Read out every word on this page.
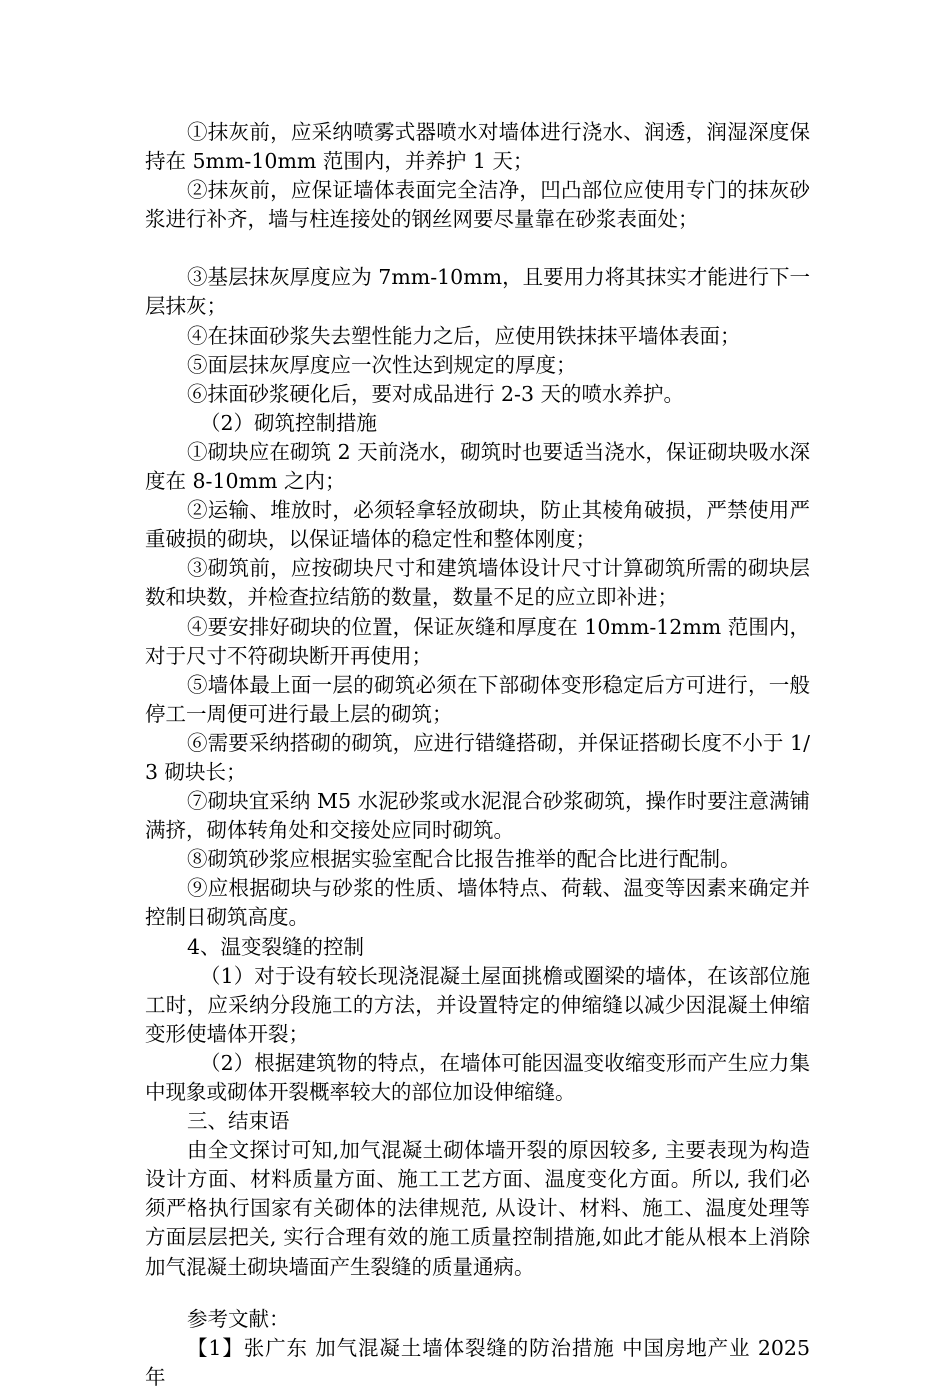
①抹灰前，应采纳喷雾式器喷水对墙体进行浇水、润透，润湿深度保持在 5mm-10mm 范围内，并养护 1 天；

②抹灰前，应保证墙体表面完全洁净，凹凸部位应使用专门的抹灰砂浆进行补齐，墙与柱连接处的钢丝网要尽量靠在砂浆表面处；

③基层抹灰厚度应为 7mm-10mm，且要用力将其抹实才能进行下一层抹灰；

④在抹面砂浆失去塑性能力之后，应使用铁抹抹平墙体表面；

⑤面层抹灰厚度应一次性达到规定的厚度；

⑥抹面砂浆硬化后，要对成品进行 2-3 天的喷水养护。

（2）砌筑控制措施

①砌块应在砌筑 2 天前浇水，砌筑时也要适当浇水，保证砌块吸水深度在 8-10mm 之内；

②运输、堆放时，必须轻拿轻放砌块，防止其棱角破损，严禁使用严重破损的砌块，以保证墙体的稳定性和整体刚度；

③砌筑前，应按砌块尺寸和建筑墙体设计尺寸计算砌筑所需的砌块层数和块数，并检查拉结筋的数量，数量不足的应立即补进；

④要安排好砌块的位置，保证灰缝和厚度在 10mm-12mm 范围内，对于尺寸不符砌块断开再使用；

⑤墙体最上面一层的砌筑必须在下部砌体变形稳定后方可进行，一般停工一周便可进行最上层的砌筑；

⑥需要采纳搭砌的砌筑，应进行错缝搭砌，并保证搭砌长度不小于 1/3 砌块长；

⑦砌块宜采纳 M5 水泥砂浆或水泥混合砂浆砌筑，操作时要注意满铺满挤，砌体转角处和交接处应同时砌筑。

⑧砌筑砂浆应根据实验室配合比报告推举的配合比进行配制。

⑨应根据砌块与砂浆的性质、墙体特点、荷载、温变等因素来确定并控制日砌筑高度。

4、温变裂缝的控制

（1）对于设有较长现浇混凝土屋面挑檐或圈梁的墙体，在该部位施工时，应采纳分段施工的方法，并设置特定的伸缩缝以减少因混凝土伸缩变形使墙体开裂；

（2）根据建筑物的特点，在墙体可能因温变收缩变形而产生应力集中现象或砌体开裂概率较大的部位加设伸缩缝。

三、结束语

由全文探讨可知,加气混凝土砌体墙开裂的原因较多, 主要表现为构造设计方面、材料质量方面、施工工艺方面、温度变化方面。所以, 我们必须严格执行国家有关砌体的法律规范, 从设计、材料、施工、温度处理等方面层层把关, 实行合理有效的施工质量控制措施,如此才能从根本上消除加气混凝土砌块墙面产生裂缝的质量通病。

参考文献：

【1】张广东 加气混凝土墙体裂缝的防治措施 中国房地产业 2025 年
